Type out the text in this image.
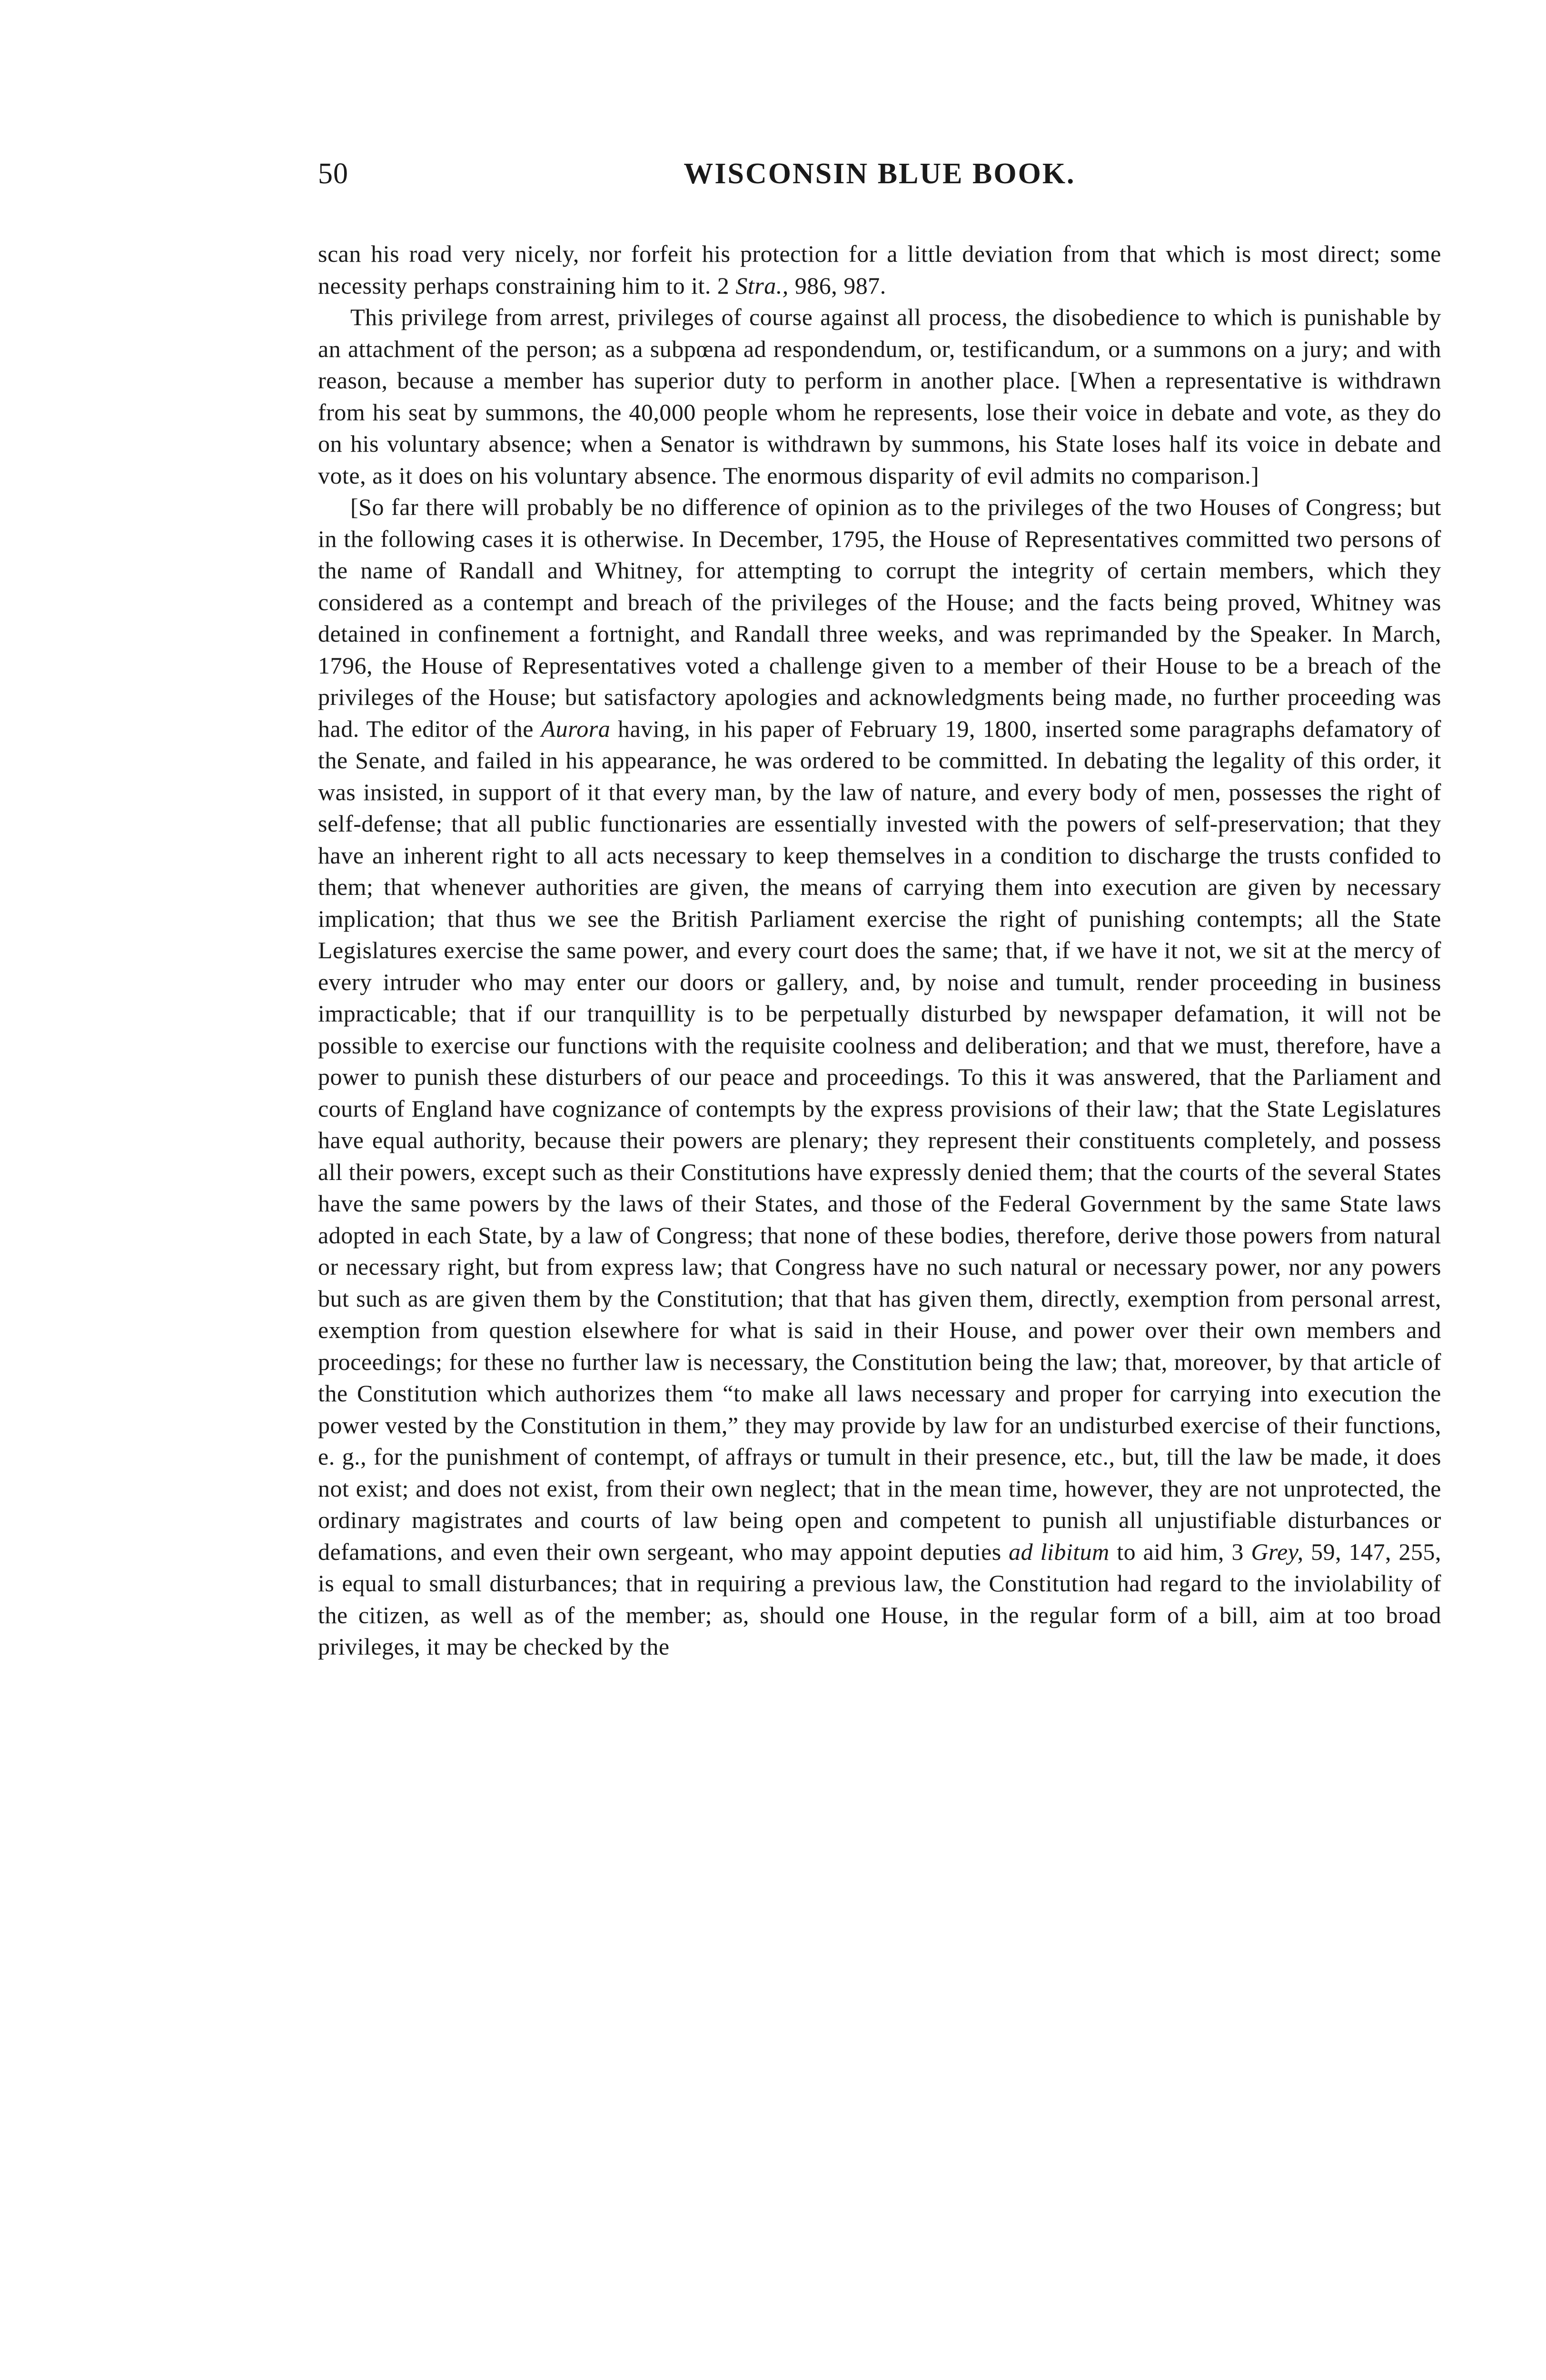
50	WISCONSIN BLUE BOOK.

scan his road very nicely, nor forfeit his protection for a little deviation from that which is most direct; some necessity perhaps constraining him to it. 2 Stra., 986, 987.

This privilege from arrest, privileges of course against all process, the disobedience to which is punishable by an attachment of the person; as a subpœna ad respondendum, or, testificandum, or a summons on a jury; and with reason, because a member has superior duty to perform in another place. [When a representative is withdrawn from his seat by summons, the 40,000 people whom he represents, lose their voice in debate and vote, as they do on his voluntary absence; when a Senator is withdrawn by summons, his State loses half its voice in debate and vote, as it does on his voluntary absence. The enormous disparity of evil admits no comparison.]

[So far there will probably be no difference of opinion as to the privileges of the two Houses of Congress; but in the following cases it is otherwise. In December, 1795, the House of Representatives committed two persons of the name of Randall and Whitney, for attempting to corrupt the integrity of certain members, which they considered as a contempt and breach of the privileges of the House; and the facts being proved, Whitney was detained in confinement a fortnight, and Randall three weeks, and was reprimanded by the Speaker. In March, 1796, the House of Representatives voted a challenge given to a member of their House to be a breach of the privileges of the House; but satisfactory apologies and acknowledgments being made, no further proceeding was had. The editor of the Aurora having, in his paper of February 19, 1800, inserted some paragraphs defamatory of the Senate, and failed in his appearance, he was ordered to be committed. In debating the legality of this order, it was insisted, in support of it that every man, by the law of nature, and every body of men, possesses the right of self-defense; that all public functionaries are essentially invested with the powers of self-preservation; that they have an inherent right to all acts necessary to keep themselves in a condition to discharge the trusts confided to them; that whenever authorities are given, the means of carrying them into execution are given by necessary implication; that thus we see the British Parliament exercise the right of punishing contempts; all the State Legislatures exercise the same power, and every court does the same; that, if we have it not, we sit at the mercy of every intruder who may enter our doors or gallery, and, by noise and tumult, render proceeding in business impracticable; that if our tranquillity is to be perpetually disturbed by newspaper defamation, it will not be possible to exercise our functions with the requisite coolness and deliberation; and that we must, therefore, have a power to punish these disturbers of our peace and proceedings. To this it was answered, that the Parliament and courts of England have cognizance of contempts by the express provisions of their law; that the State Legislatures have equal authority, because their powers are plenary; they represent their constituents completely, and possess all their powers, except such as their Constitutions have expressly denied them; that the courts of the several States have the same powers by the laws of their States, and those of the Federal Government by the same State laws adopted in each State, by a law of Congress; that none of these bodies, therefore, derive those powers from natural or necessary right, but from express law; that Congress have no such natural or necessary power, nor any powers but such as are given them by the Constitution; that that has given them, directly, exemption from personal arrest, exemption from question elsewhere for what is said in their House, and power over their own members and proceedings; for these no further law is necessary, the Constitution being the law; that, moreover, by that article of the Constitution which authorizes them “to make all laws necessary and proper for carrying into execution the power vested by the Constitution in them,” they may provide by law for an undisturbed exercise of their functions, e. g., for the punishment of contempt, of affrays or tumult in their presence, etc., but, till the law be made, it does not exist; and does not exist, from their own neglect; that in the mean time, however, they are not unprotected, the ordinary magistrates and courts of law being open and competent to punish all unjustifiable disturbances or defamations, and even their own sergeant, who may appoint deputies ad libitum to aid him, 3 Grey, 59, 147, 255, is equal to small disturbances; that in requiring a previous law, the Constitution had regard to the inviolability of the citizen, as well as of the member; as, should one House, in the regular form of a bill, aim at too broad privileges, it may be checked by the
